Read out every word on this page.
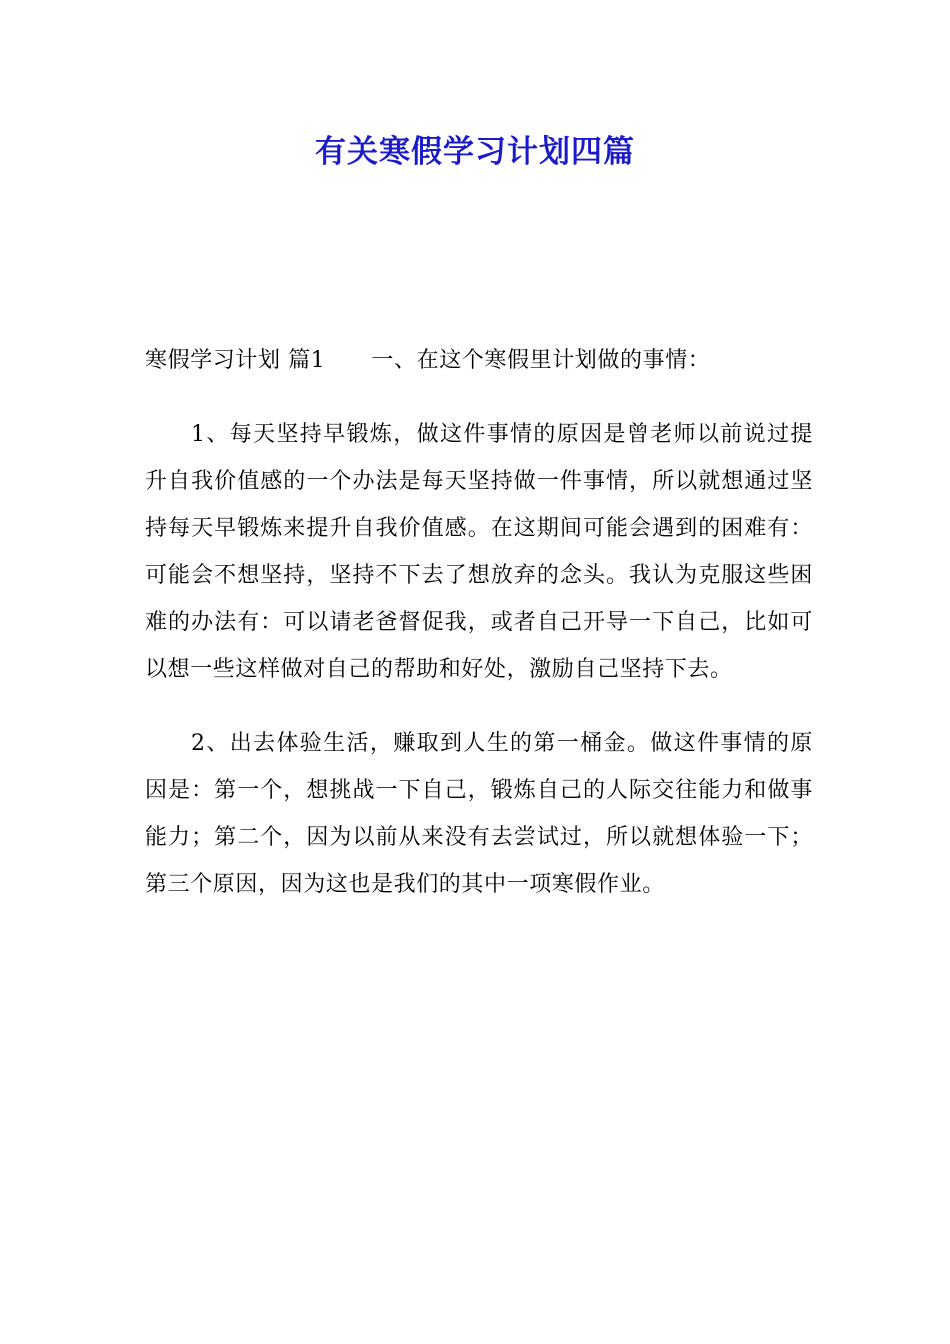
有关寒假学习计划四篇

寒假学习计划 篇1 一、在这个寒假里计划做的事情：

1、每天坚持早锻炼，做这件事情的原因是曾老师以前说过提升自我价值感的一个办法是每天坚持做一件事情，所以就想通过坚持每天早锻炼来提升自我价值感。在这期间可能会遇到的困难有：可能会不想坚持，坚持不下去了想放弃的念头。我认为克服这些困难的办法有：可以请老爸督促我，或者自己开导一下自己，比如可以想一些这样做对自己的帮助和好处，激励自己坚持下去。

2、出去体验生活，赚取到人生的第一桶金。做这件事情的原因是：第一个，想挑战一下自己，锻炼自己的人际交往能力和做事能力；第二个，因为以前从来没有去尝试过，所以就想体验一下；第三个原因，因为这也是我们的其中一项寒假作业。
